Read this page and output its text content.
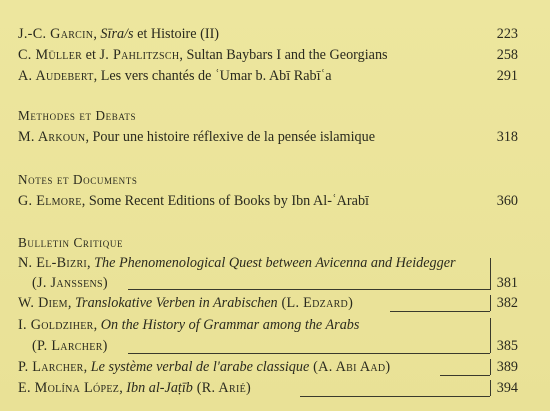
J.-C. Garcin, Sīra/s et Histoire (II)	223
C. Müller et J. Pahlitzsch, Sultan Baybars I and the Georgians	258
A. Audebert, Les vers chantés de ʿUmar b. Abī Rabīʿa	291
Methodes et Debats
M. Arkoun, Pour une histoire réflexive de la pensée islamique	318
Notes et Documents
G. Elmore, Some Recent Editions of Books by Ibn Al-ʿArabī	360
Bulletin Critique
N. El-Bizri, The Phenomenological Quest between Avicenna and Heidegger
(J. Janssens)	381
W. Diem, Translokative Verben in Arabischen (L. Edzard)	382
I. Goldziher, On the History of Grammar among the Arabs
(P. Larcher)	385
P. Larcher, Le système verbal de l'arabe classique (A. Abi Aad)	389
E. Molína López, Ibn al-Jaṭīb (R. Arié)	394
